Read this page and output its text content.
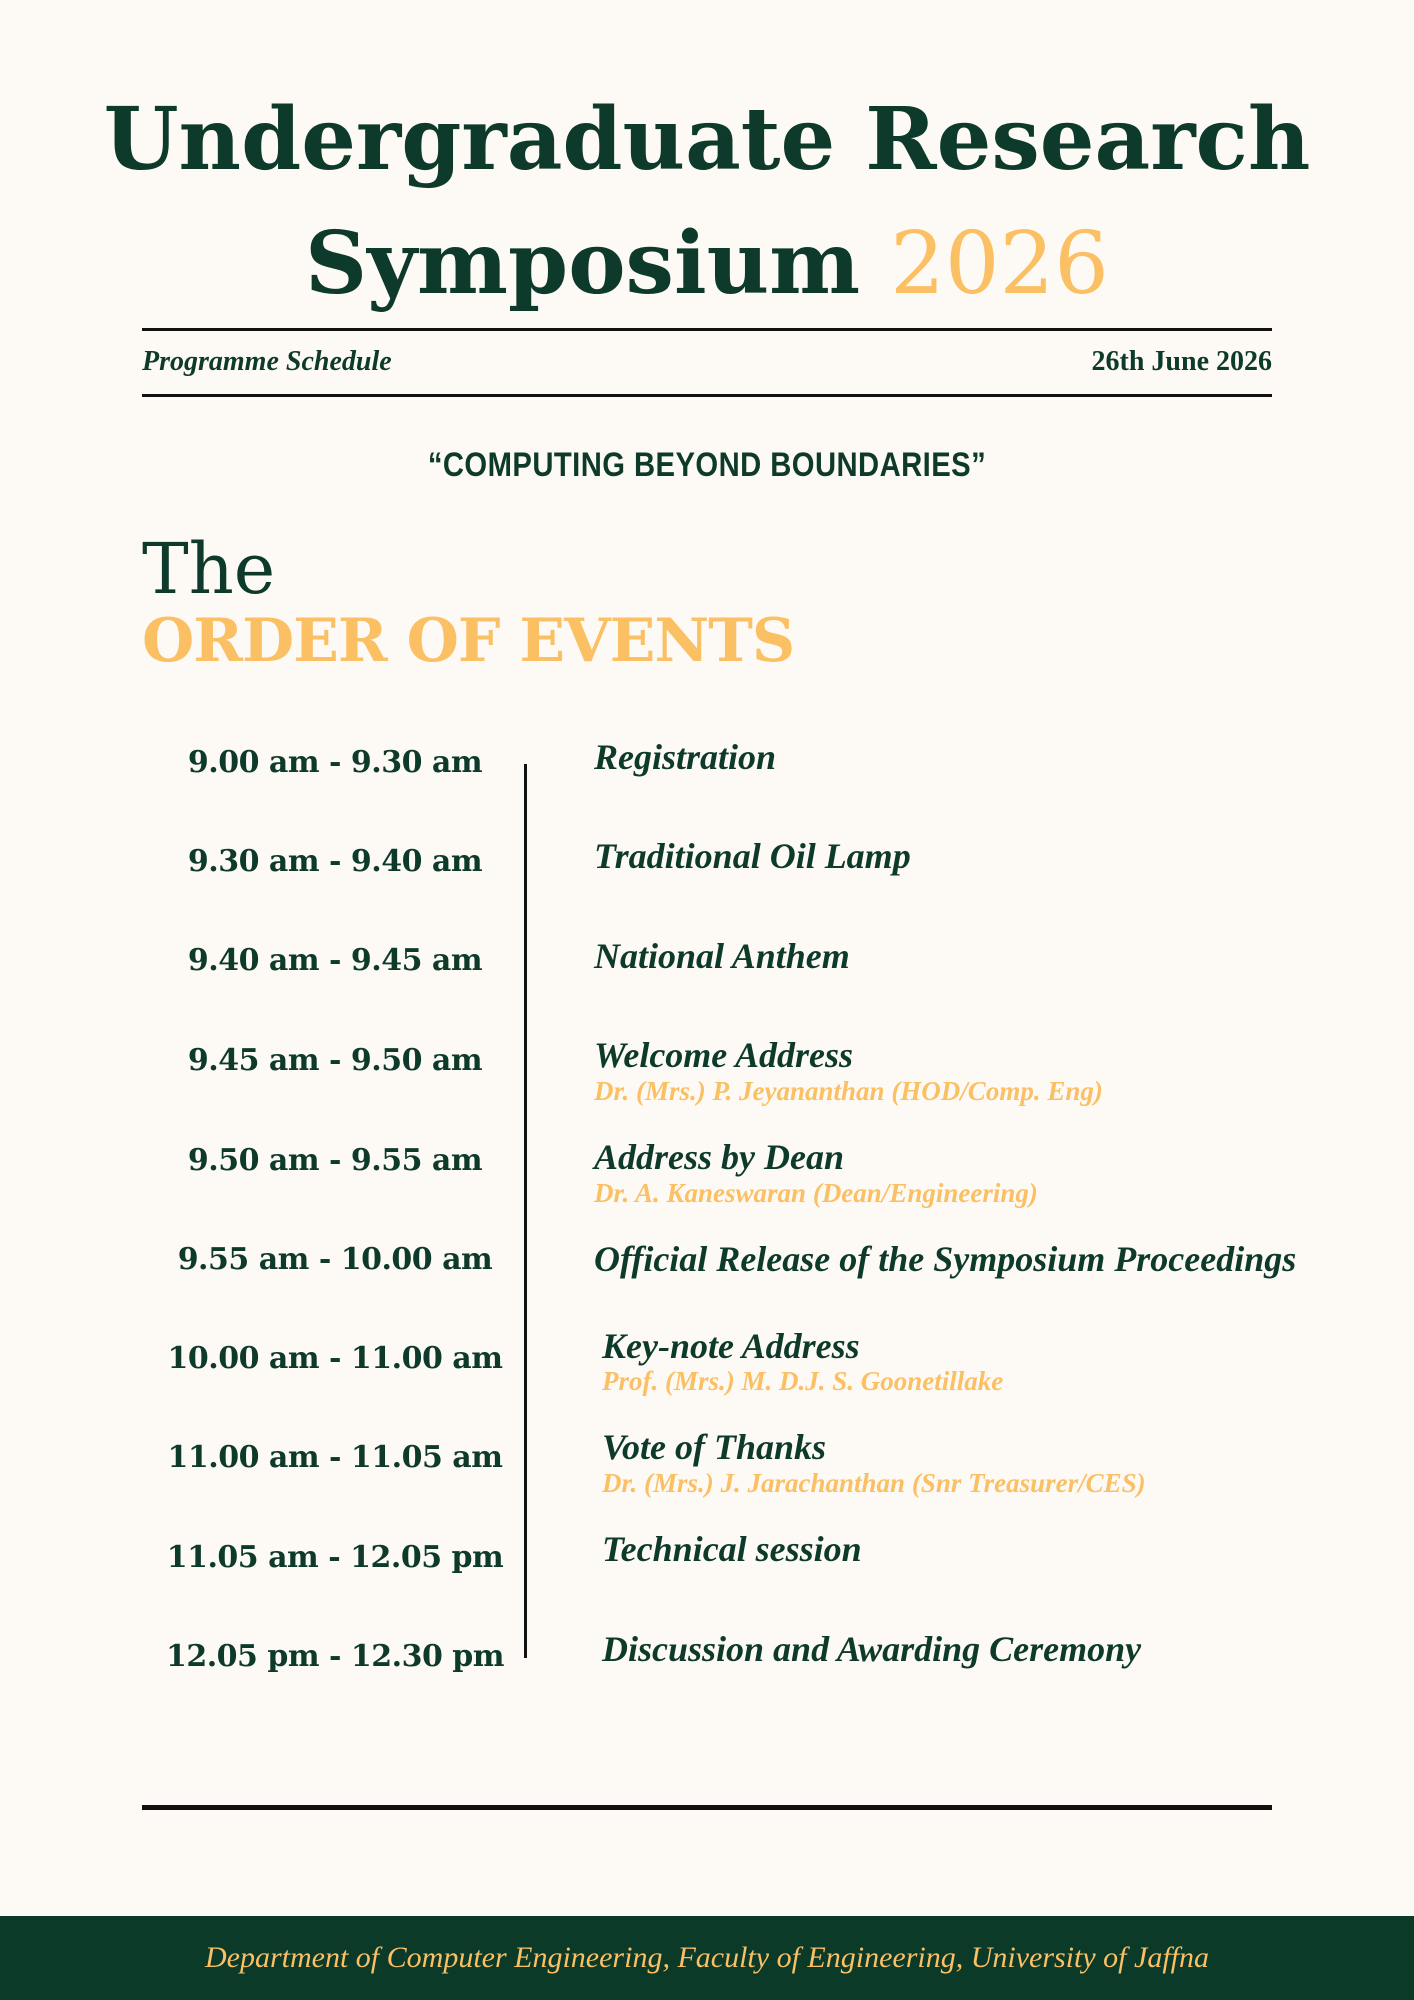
Undergraduate Research
Symposium 2026
Programme Schedule	26th June 2026
“COMPUTING BEYOND BOUNDARIES”
The
ORDER OF EVENTS
9.00 am - 9.30 am	Registration
9.30 am - 9.40 am	Traditional Oil Lamp
9.40 am - 9.45 am	National Anthem
9.45 am - 9.50 am	Welcome Address
Dr. (Mrs.) P. Jeyananthan (HOD/Comp. Eng)
9.50 am - 9.55 am	Address by Dean
Dr. A. Kaneswaran (Dean/Engineering)
9.55 am - 10.00 am	Official Release of the Symposium Proceedings
10.00 am - 11.00 am	Key-note Address
Prof. (Mrs.) M. D.J. S. Goonetillake
11.00 am - 11.05 am	Vote of Thanks
Dr. (Mrs.) J. Jarachanthan (Snr Treasurer/CES)
11.05 am - 12.05 pm	Technical session
12.05 pm - 12.30 pm	Discussion and Awarding Ceremony
Department of Computer Engineering, Faculty of Engineering, University of Jaffna
